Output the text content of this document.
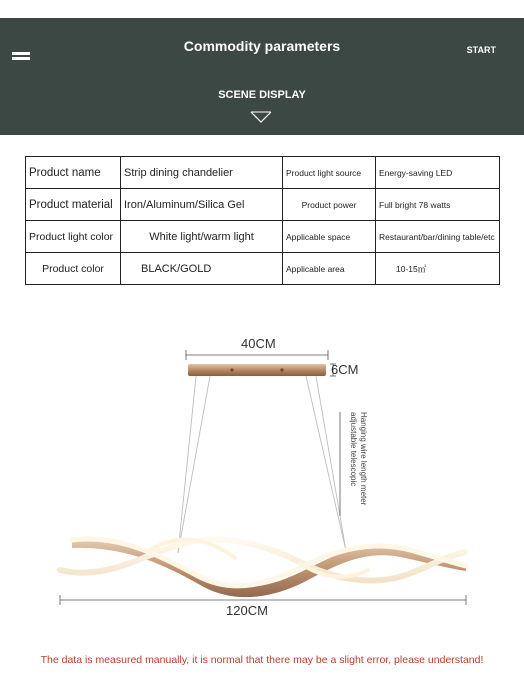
Commodity parameters	START
SCENE DISPLAY
Product name	Strip dining chandelier	Product light source	Energy-saving LED
Product material	Iron/Aluminum/Silica Gel	Product power	Full bright 78 watts
Product light color	White light/warm light	Applicable space	Restaurant/bar/dining table/etc
Product color	BLACK/GOLD	Applicable area	10-15㎡
40CM
6CM
Hanging wire length meter adjustable telescopic
120CM
The data is measured manually, it is normal that there may be a slight error, please understand!
